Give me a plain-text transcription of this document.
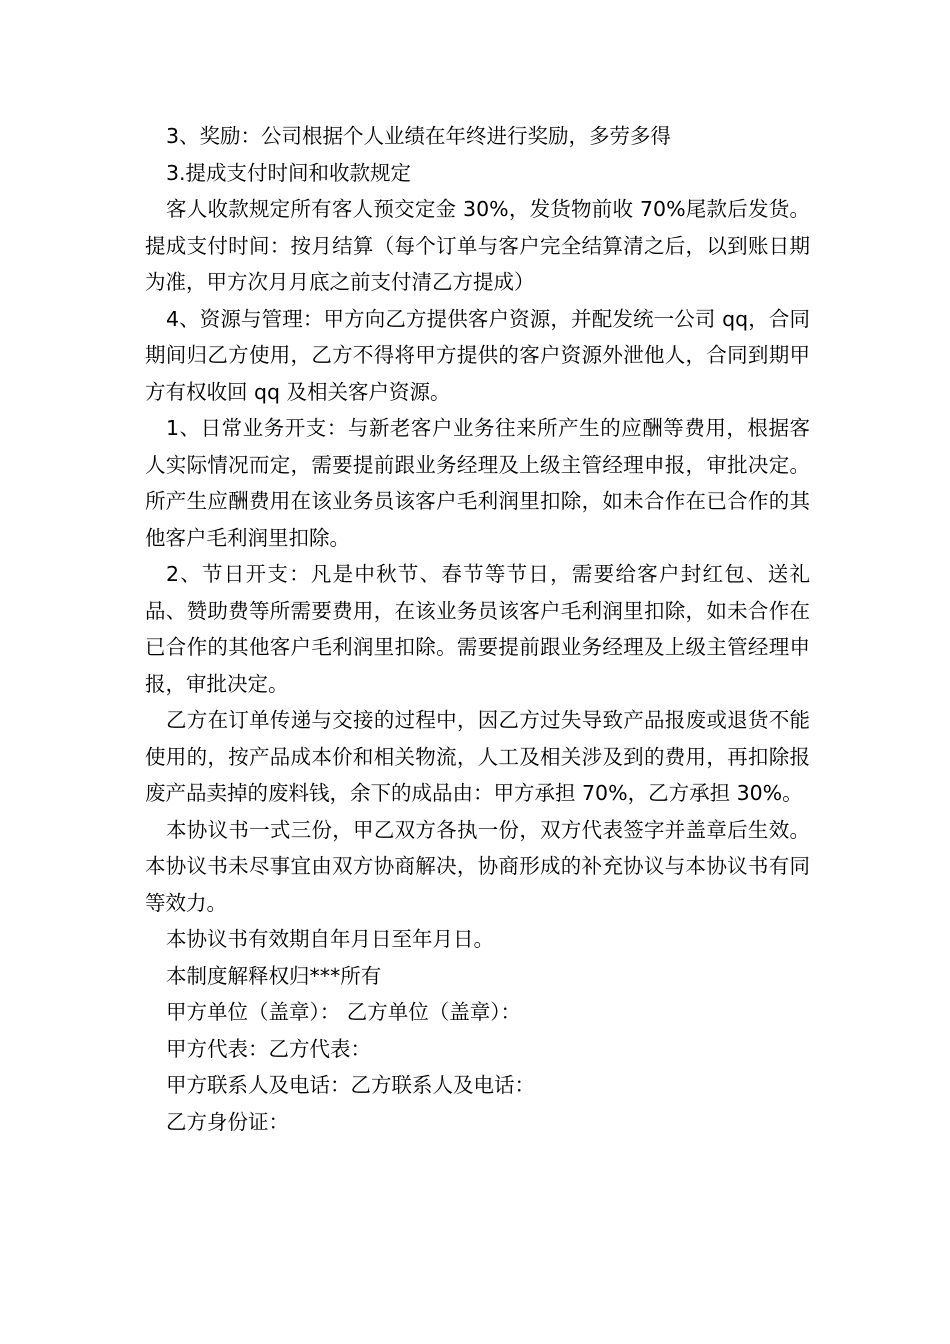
3、奖励：公司根据个人业绩在年终进行奖励，多劳多得

3.提成支付时间和收款规定

客人收款规定所有客人预交定金 30%，发货物前收 70%尾款后发货。提成支付时间：按月结算（每个订单与客户完全结算清之后，以到账日期为准，甲方次月月底之前支付清乙方提成）

4、资源与管理：甲方向乙方提供客户资源，并配发统一公司 qq，合同期间归乙方使用，乙方不得将甲方提供的客户资源外泄他人，合同到期甲方有权收回 qq 及相关客户资源。

1、日常业务开支：与新老客户业务往来所产生的应酬等费用，根据客人实际情况而定，需要提前跟业务经理及上级主管经理申报，审批决定。所产生应酬费用在该业务员该客户毛利润里扣除，如未合作在已合作的其他客户毛利润里扣除。

2、节日开支：凡是中秋节、春节等节日，需要给客户封红包、送礼品、赞助费等所需要费用，在该业务员该客户毛利润里扣除，如未合作在已合作的其他客户毛利润里扣除。需要提前跟业务经理及上级主管经理申报，审批决定。

乙方在订单传递与交接的过程中，因乙方过失导致产品报废或退货不能使用的，按产品成本价和相关物流，人工及相关涉及到的费用，再扣除报废产品卖掉的废料钱，余下的成品由：甲方承担 70%，乙方承担 30%。

本协议书一式三份，甲乙双方各执一份，双方代表签字并盖章后生效。本协议书未尽事宜由双方协商解决，协商形成的补充协议与本协议书有同等效力。

本协议书有效期自年月日至年月日。

本制度解释权归***所有

甲方单位（盖章）： 乙方单位（盖章）：

甲方代表：乙方代表：

甲方联系人及电话：乙方联系人及电话：

乙方身份证：
